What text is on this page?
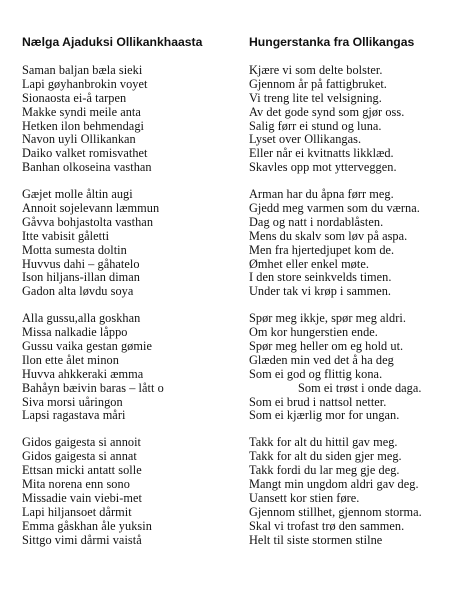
Nælga Ajaduksi Ollikankhaasta
Saman baljan bæla sieki
Lapi gøyhanbrokin voyet
Sionaosta ei-å tarpen
Makke syndi meile anta
Hetken ilon behmendagi
Navon uyli Ollikankan
Daiko valket romisvathet
Banhan olkoseina vasthan
Gæjet molle åltin augi
Annoit sojelevann læmmun
Gåvva bohjastolta vasthan
Itte vabisit gåletti
Motta sumesta doltin
Huvvus dahi – gåhatelo
Ison hiljans-illan diman
Gadon alta løvdu soya
Alla gussu,alla goskhan
Missa nalkadie låppo
Gussu vaika gestan gømie
Ilon ette ålet minon
Huvva ahkkeraki æmma
Bahåyn bæivin baras – lått o
Siva morsi uåringon
Lapsi ragastava måri
Gidos gaigesta si annoit
Gidos gaigesta si annat
Ettsan micki antatt solle
Mita norena enn sono
Missadie vain viebi-met
Lapi hiljansoet dårmit
Emma gåskhan åle yuksin
Sittgo vimi dårmi vaistå
Hungerstanka fra Ollikangas
Kjære vi som delte bolster.
Gjennom år på fattigbruket.
Vi treng lite tel velsigning.
Av det gode synd som gjør oss.
Salig førr ei stund og luna.
Lyset over Ollikangas.
Eller når ei kvitnatts likklæd.
Skavles opp mot ytterveggen.
Arman har du åpna førr meg.
Gjedd meg varmen som du værna.
Dag og natt i nordablåsten.
Mens du skalv som løv på aspa.
Men fra hjertedjupet kom de.
Ømhet eller enkel møte.
I den store seinkvelds timen.
Under tak vi krøp i sammen.
Spør meg ikkje, spør meg aldri.
Om kor hungerstien ende.
Spør meg heller om eg hold ut.
Glæden min ved det å ha deg
Som ei god og flittig kona.
Som ei trøst i onde daga.
Som ei brud i nattsol netter.
Som ei kjærlig mor for ungan.
Takk for alt du hittil gav meg.
Takk for alt du siden gjer meg.
Takk fordi du lar meg gje deg.
Mangt min ungdom aldri gav deg.
Uansett kor stien føre.
Gjennom stillhet, gjennom storma.
Skal vi trofast trø den sammen.
Helt til siste stormen stilne
